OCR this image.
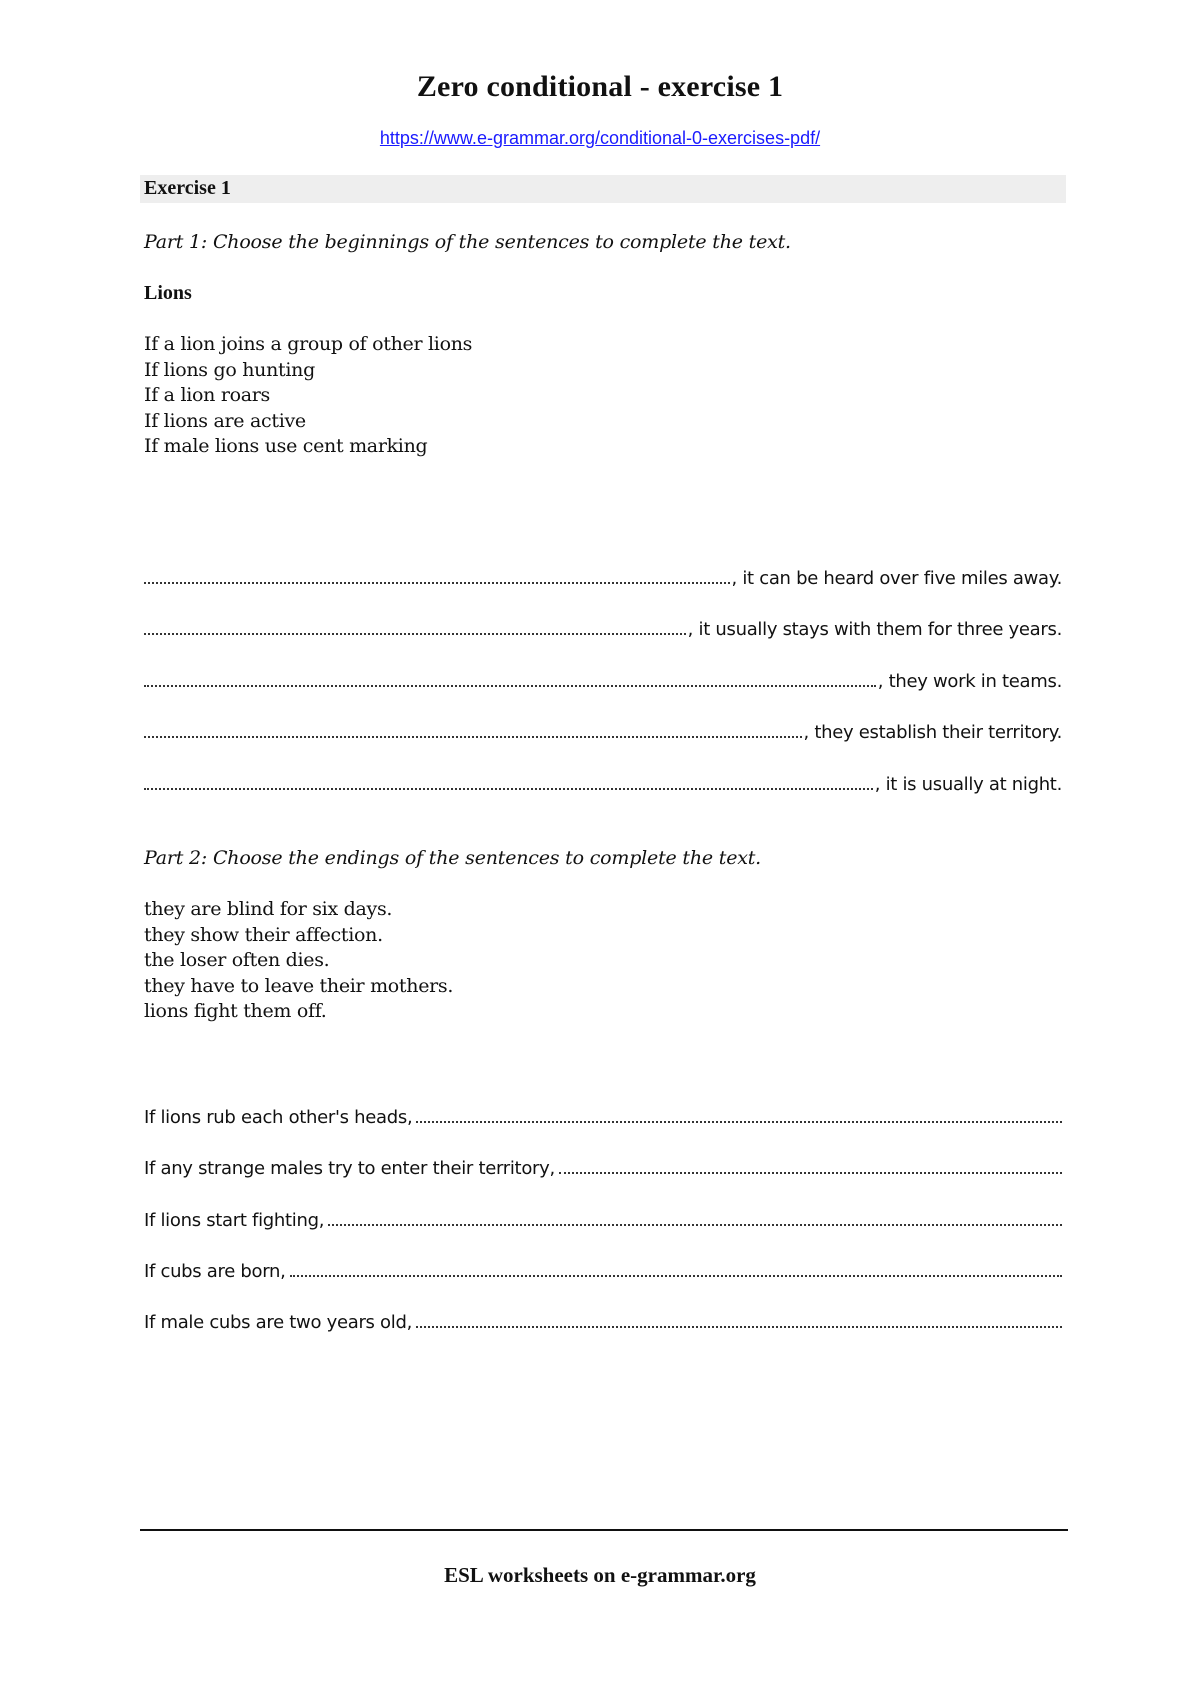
Zero conditional - exercise 1
https://www.e-grammar.org/conditional-0-exercises-pdf/
Exercise 1
Part 1: Choose the beginnings of the sentences to complete the text.
Lions
If a lion joins a group of other lions
If lions go hunting
If a lion roars
If lions are active
If male lions use cent marking
, it can be heard over five miles away.
, it usually stays with them for three years.
, they work in teams.
, they establish their territory.
, it is usually at night.
Part 2: Choose the endings of the sentences to complete the text.
they are blind for six days.
they show their affection.
the loser often dies.
they have to leave their mothers.
lions fight them off.
If lions rub each other's heads,
If any strange males try to enter their territory,
If lions start fighting,
If cubs are born,
If male cubs are two years old,
ESL worksheets on e-grammar.org
